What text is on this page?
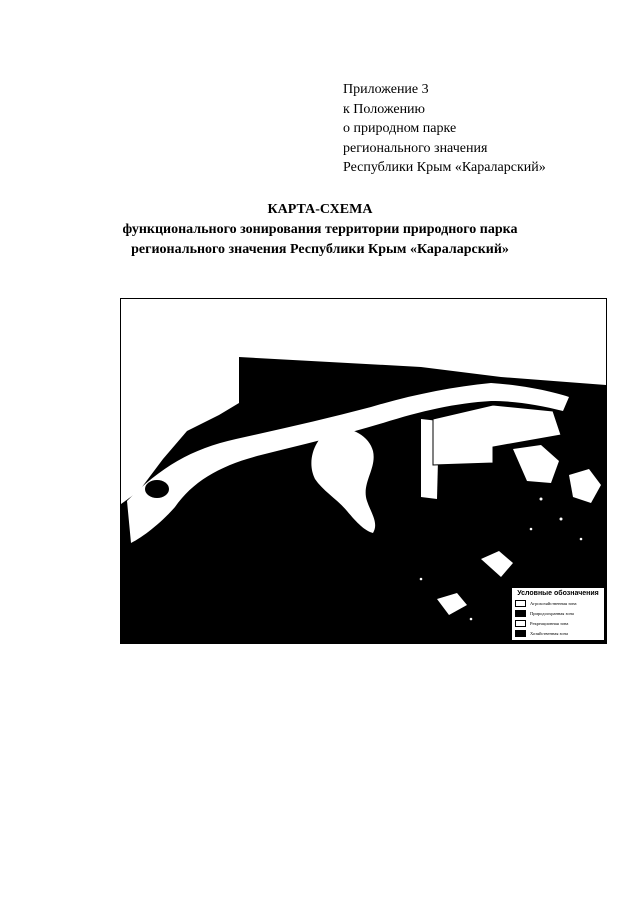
Приложение 3
к Положению
о природном парке
регионального значения
Республики Крым «Караларский»
КАРТА-СХЕМА
функционального зонирования территории природного парка
регионального значения Республики Крым «Караларский»
Условные обозначения
Агрохозяйственная зона
Природоохранная зона
Рекреационная зона
Хозяйственная зона
